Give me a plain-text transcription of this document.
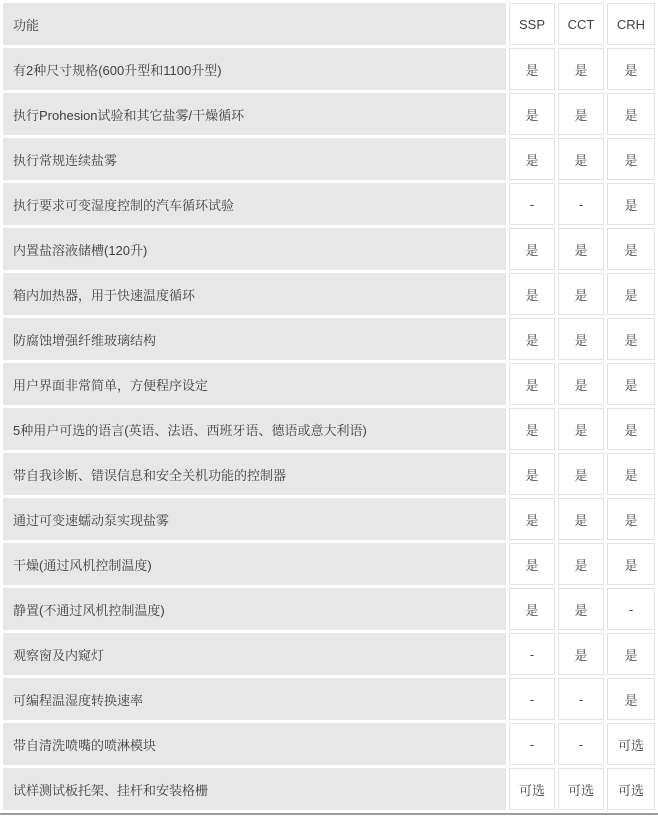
功能	SSP	CCT	CRH
有2种尺寸规格(600升型和1100升型)	是	是	是
执行Prohesion试验和其它盐雾/干燥循环	是	是	是
执行常规连续盐雾	是	是	是
执行要求可变湿度控制的汽车循环试验	-	-	是
内置盐溶液储槽(120升)	是	是	是
箱内加热器，用于快速温度循环	是	是	是
防腐蚀增强纤维玻璃结构	是	是	是
用户界面非常简单，方便程序设定	是	是	是
5种用户可选的语言(英语、法语、西班牙语、德语或意大利语)	是	是	是
带自我诊断、错误信息和安全关机功能的控制器	是	是	是
通过可变速蠕动泵实现盐雾	是	是	是
干燥(通过风机控制温度)	是	是	是
静置(不通过风机控制温度)	是	是	-
观察窗及内窥灯	-	是	是
可编程温湿度转换速率	-	-	是
带自清洗喷嘴的喷淋模块	-	-	可选
试样测试板托架、挂杆和安装格栅	可选	可选	可选
